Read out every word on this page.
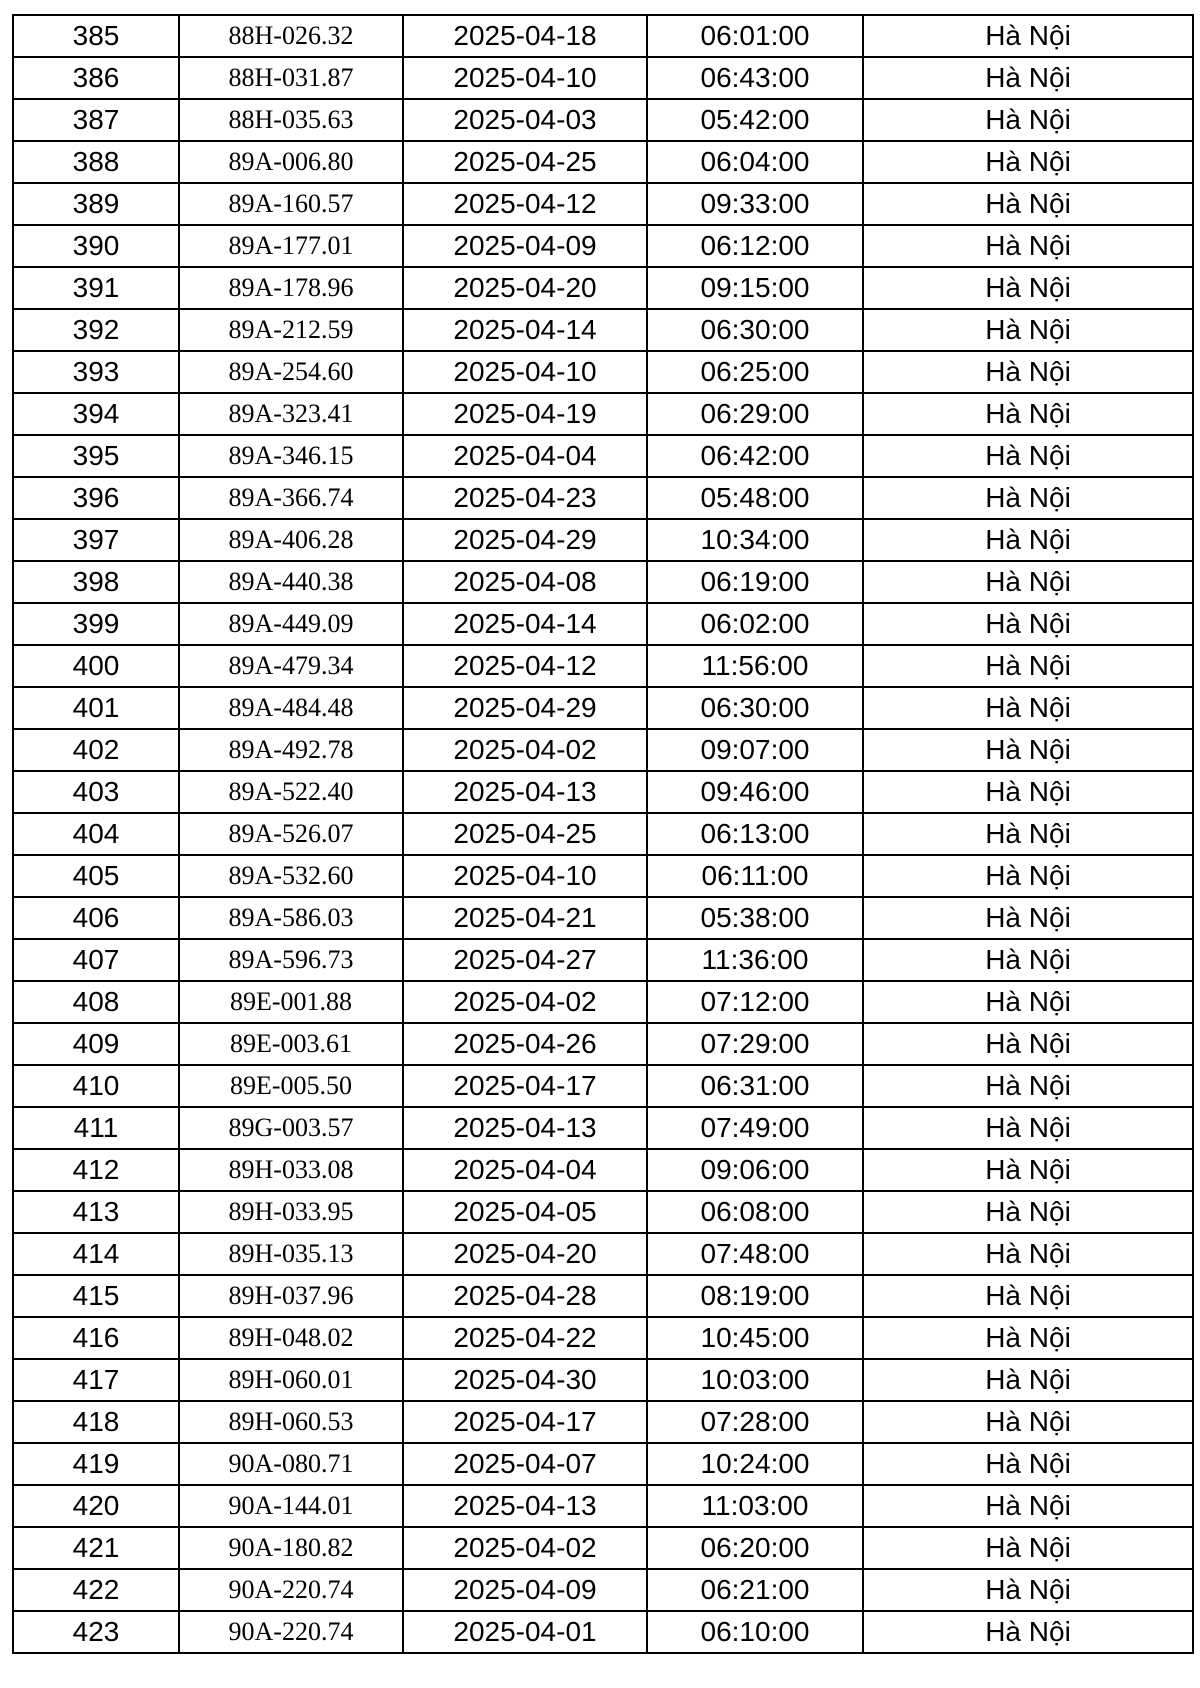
385	88H-026.32	2025-04-18	06:01:00	Hà Nội
386	88H-031.87	2025-04-10	06:43:00	Hà Nội
387	88H-035.63	2025-04-03	05:42:00	Hà Nội
388	89A-006.80	2025-04-25	06:04:00	Hà Nội
389	89A-160.57	2025-04-12	09:33:00	Hà Nội
390	89A-177.01	2025-04-09	06:12:00	Hà Nội
391	89A-178.96	2025-04-20	09:15:00	Hà Nội
392	89A-212.59	2025-04-14	06:30:00	Hà Nội
393	89A-254.60	2025-04-10	06:25:00	Hà Nội
394	89A-323.41	2025-04-19	06:29:00	Hà Nội
395	89A-346.15	2025-04-04	06:42:00	Hà Nội
396	89A-366.74	2025-04-23	05:48:00	Hà Nội
397	89A-406.28	2025-04-29	10:34:00	Hà Nội
398	89A-440.38	2025-04-08	06:19:00	Hà Nội
399	89A-449.09	2025-04-14	06:02:00	Hà Nội
400	89A-479.34	2025-04-12	11:56:00	Hà Nội
401	89A-484.48	2025-04-29	06:30:00	Hà Nội
402	89A-492.78	2025-04-02	09:07:00	Hà Nội
403	89A-522.40	2025-04-13	09:46:00	Hà Nội
404	89A-526.07	2025-04-25	06:13:00	Hà Nội
405	89A-532.60	2025-04-10	06:11:00	Hà Nội
406	89A-586.03	2025-04-21	05:38:00	Hà Nội
407	89A-596.73	2025-04-27	11:36:00	Hà Nội
408	89E-001.88	2025-04-02	07:12:00	Hà Nội
409	89E-003.61	2025-04-26	07:29:00	Hà Nội
410	89E-005.50	2025-04-17	06:31:00	Hà Nội
411	89G-003.57	2025-04-13	07:49:00	Hà Nội
412	89H-033.08	2025-04-04	09:06:00	Hà Nội
413	89H-033.95	2025-04-05	06:08:00	Hà Nội
414	89H-035.13	2025-04-20	07:48:00	Hà Nội
415	89H-037.96	2025-04-28	08:19:00	Hà Nội
416	89H-048.02	2025-04-22	10:45:00	Hà Nội
417	89H-060.01	2025-04-30	10:03:00	Hà Nội
418	89H-060.53	2025-04-17	07:28:00	Hà Nội
419	90A-080.71	2025-04-07	10:24:00	Hà Nội
420	90A-144.01	2025-04-13	11:03:00	Hà Nội
421	90A-180.82	2025-04-02	06:20:00	Hà Nội
422	90A-220.74	2025-04-09	06:21:00	Hà Nội
423	90A-220.74	2025-04-01	06:10:00	Hà Nội
